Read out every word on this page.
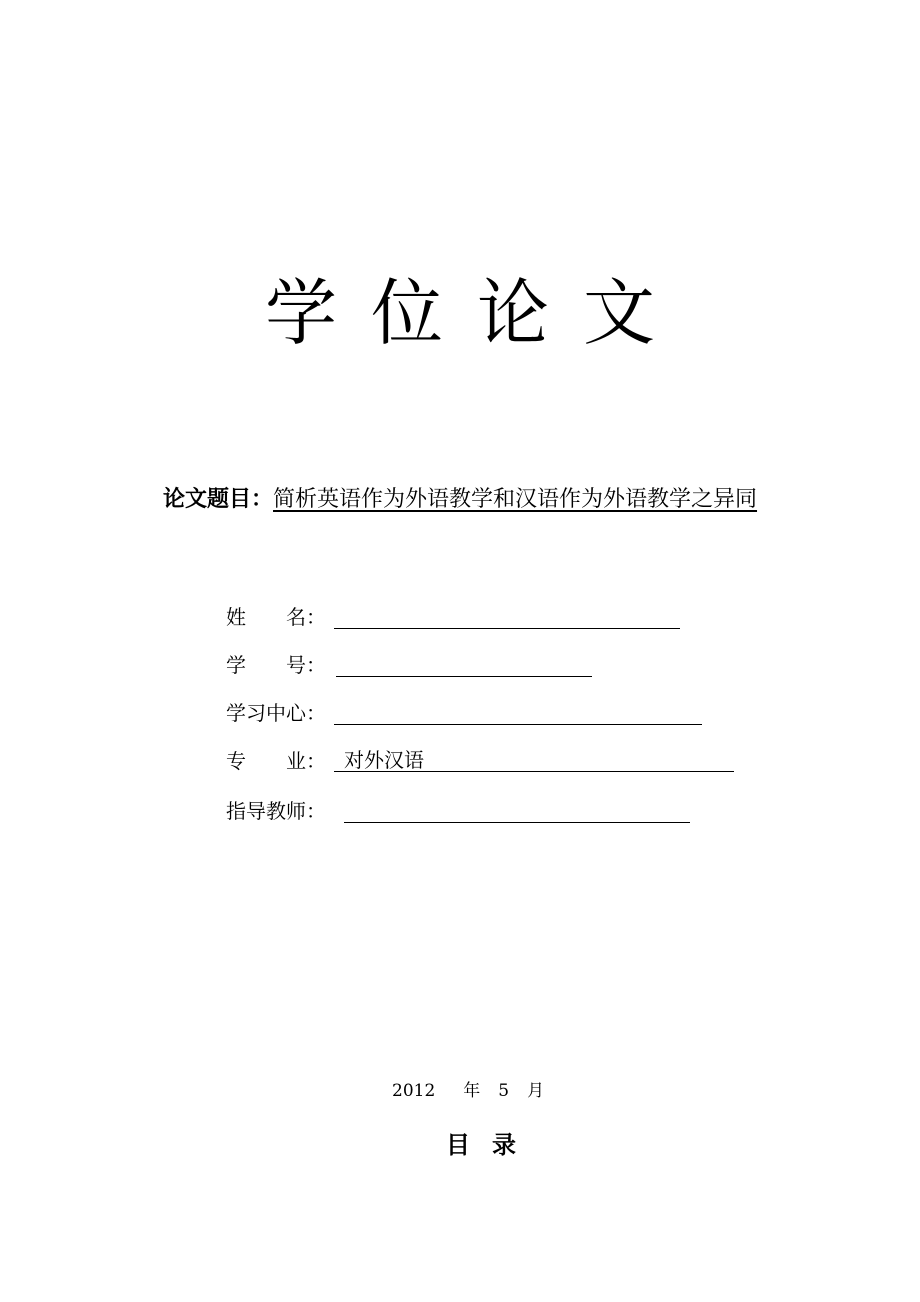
学位论文
论文题目：简析英语作为外语教学和汉语作为外语教学之异同
姓　　名：
学　　号：
学习中心：
专　　业： 对外汉语
指导教师：
2012 年 5 月
目录
